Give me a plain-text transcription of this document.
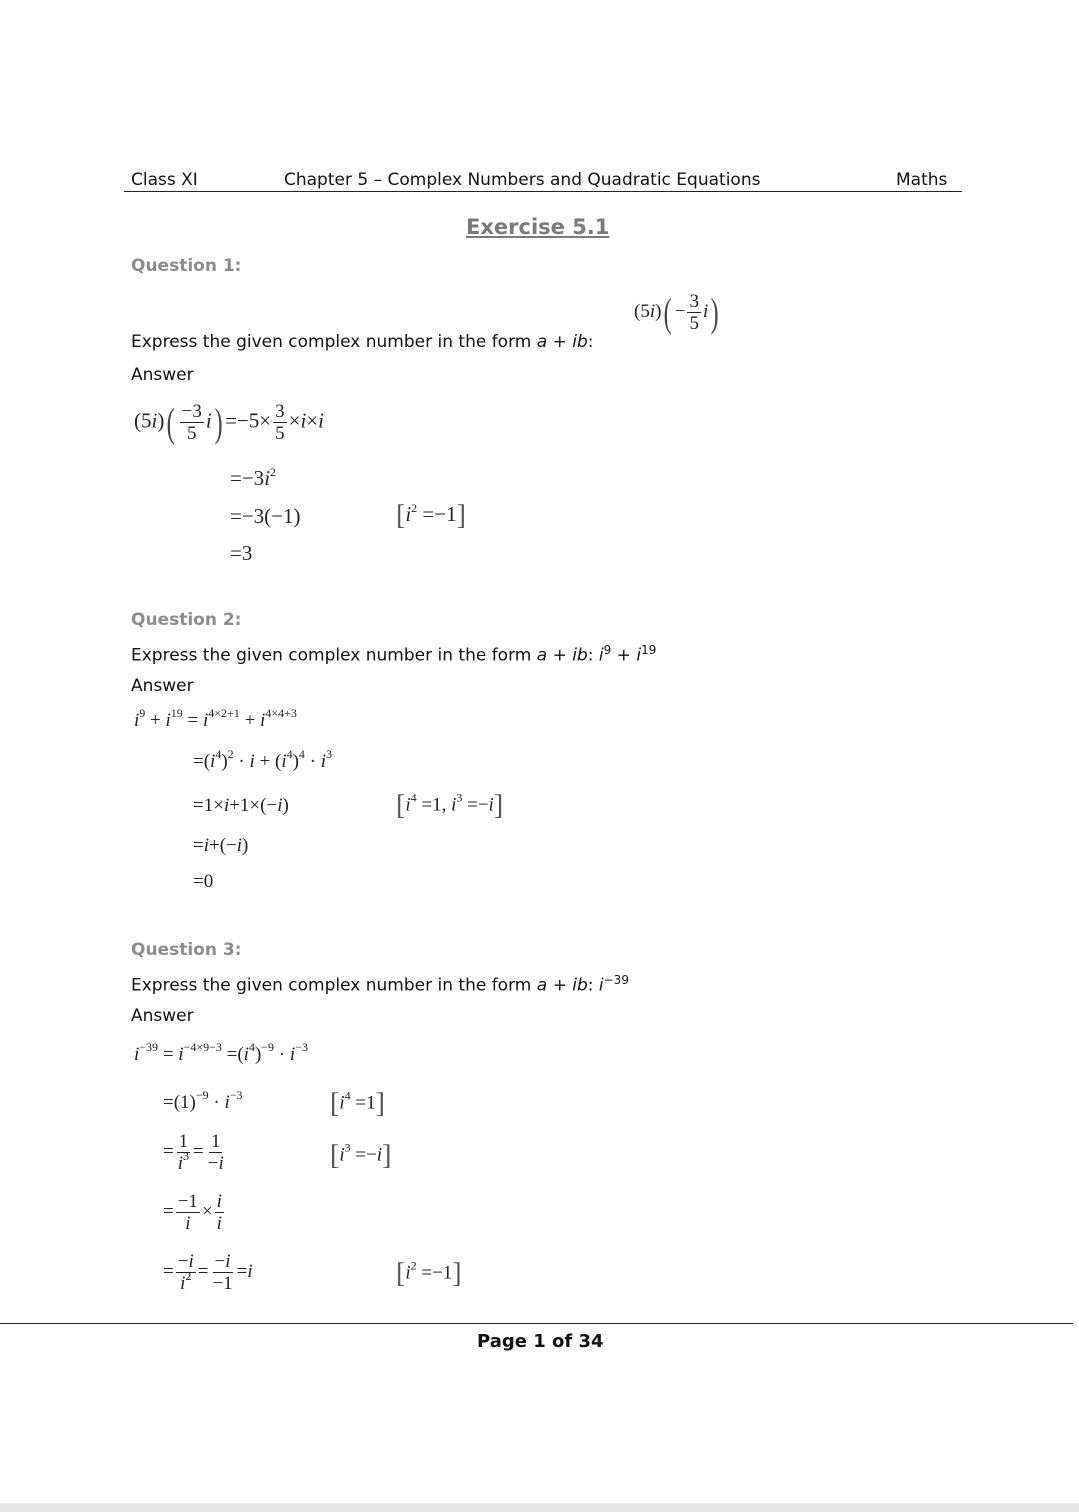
Class XI	Chapter 5 – Complex Numbers and Quadratic Equations	Maths
Exercise 5.1
Question 1:
Express the given complex number in the form a + ib:
$(5i)( - \frac{3}{5} i)$
Answer
$(5i)( \frac{-3}{5} i) =-5\times \frac{3}{5} \times i\times i$
$=-3i^2$
=−3(−1)	$[i^2 =-1]$
=3
Question 2:
Express the given complex number in the form a + ib: $i^9 + i^{19}$
Answer
$i^9 + i^{19} = i^{4\times 2+1} + i^{4\times 4+3}$
$=(i^4)^2 \cdot i + (i^4)^4 \cdot i^3$
=1×i+1×(−i)	[$i^4 =1$, $i^3 =-i$]
=i+(−i)
=0
Question 3:
Express the given complex number in the form a + ib: $i^{-39}$
Answer
$i^{-39} = i^{-4\times 9-3} =(i^4)^{-9} \cdot i^{-3}$
$=(1)^{-9} \cdot i^{-3}$	$[i^4 =1]$
= $\frac{1}{i^3} = \frac{1}{-i}$	$[i^3 =-i]$
= $\frac{-1}{i} \times \frac{i}{i}$
= $\frac{-i}{i^2} = \frac{-i}{-1} =i$	$[i^2 =-1]$
Page 1 of 34
